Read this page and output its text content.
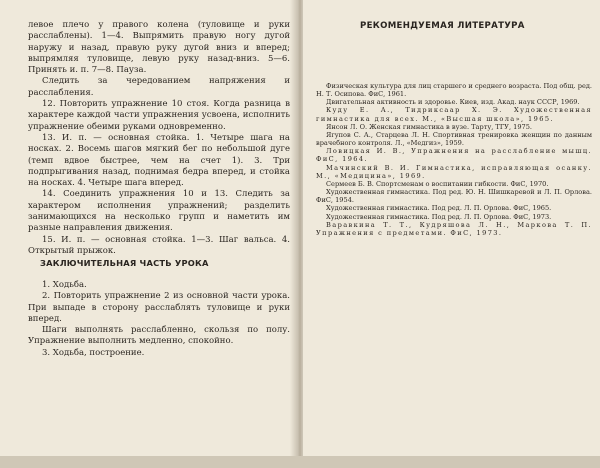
левое плечо у правого колена (туловище и руки расслаблены). 1—4. Выпрямить правую ногу дугой наружу и назад, правую руку дугой вниз и вперед; выпрямляя туловище, левую руку назад-вниз. 5—6. Принять и. п. 7—8. Пауза.

Следить за чередованием напряжения и расслабления.

12. Повторить упражнение 10 стоя. Когда разница в характере каждой части упражнения усвоена, исполнить упражнение обеими руками одновременно.

13. И. п. — основная стойка. 1. Четыре шага на носках. 2. Восемь шагов мягкий бег по небольшой дуге (темп вдвое быстрее, чем на счет 1). 3. Три подпрыгивания назад, поднимая бедра вперед, и стойка на носках. 4. Четыре шага вперед.

14. Соединить упражнения 10 и 13. Следить за характером исполнения упражнений; разделить занимающихся на несколько групп и наметить им разные направления движения.

15. И. п. — основная стойка. 1—3. Шаг вальса. 4. Открытый прыжок.

ЗАКЛЮЧИТЕЛЬНАЯ ЧАСТЬ УРОКА

1. Ходьба.

2. Повторить упражнение 2 из основной части урока. При выпаде в сторону расслаблять туловище и руки вперед.

Шаги выполнять расслабленно, скользя по полу. Упражнение выполнить медленно, спокойно.

3. Ходьба, построение.

РЕКОМЕНДУЕМАЯ ЛИТЕРАТУРА

Физическая культура для лиц старшего и среднего возраста. Под общ. ред. Н. Т. Осипова. ФиС, 1961.

Двигательная активность и здоровье. Киев, изд. Акад. наук СССР, 1969.

Куду Е. А., Тидриксаар Х. Э. Художественная гимнастика для всех. М., «Высшая школа», 1965.

Янсон Л. О. Женская гимнастика в вузе. Тарту, ТГУ, 1975.

Ягупов С. А., Старцева Л. Н. Спортивная тренировка женщин по данным врачебного контроля. Л., «Медгиз», 1959.

Ловицкая И. В., Упражнения на расслабление мышц. ФиС, 1964.

Мачинский В. И. Гимнастика, исправляющая осанку. М., «Медицина», 1969.

Сермеев Б. В. Спортсменам о воспитании гибкости. ФиС, 1970.

Художественная гимнастика. Под ред. Ю. Н. Шишкаревой и Л. П. Орлова. ФиС, 1954.

Художественная гимнастика. Под ред. Л. П. Орлова. ФиС, 1965.

Художественная гимнастика. Под ред. Л. П. Орлова. ФиС, 1973.

Варавкина Т. Т., Кудряшова Л. Н., Маркова Т. П. Упражнения с предметами. ФиС, 1973.
